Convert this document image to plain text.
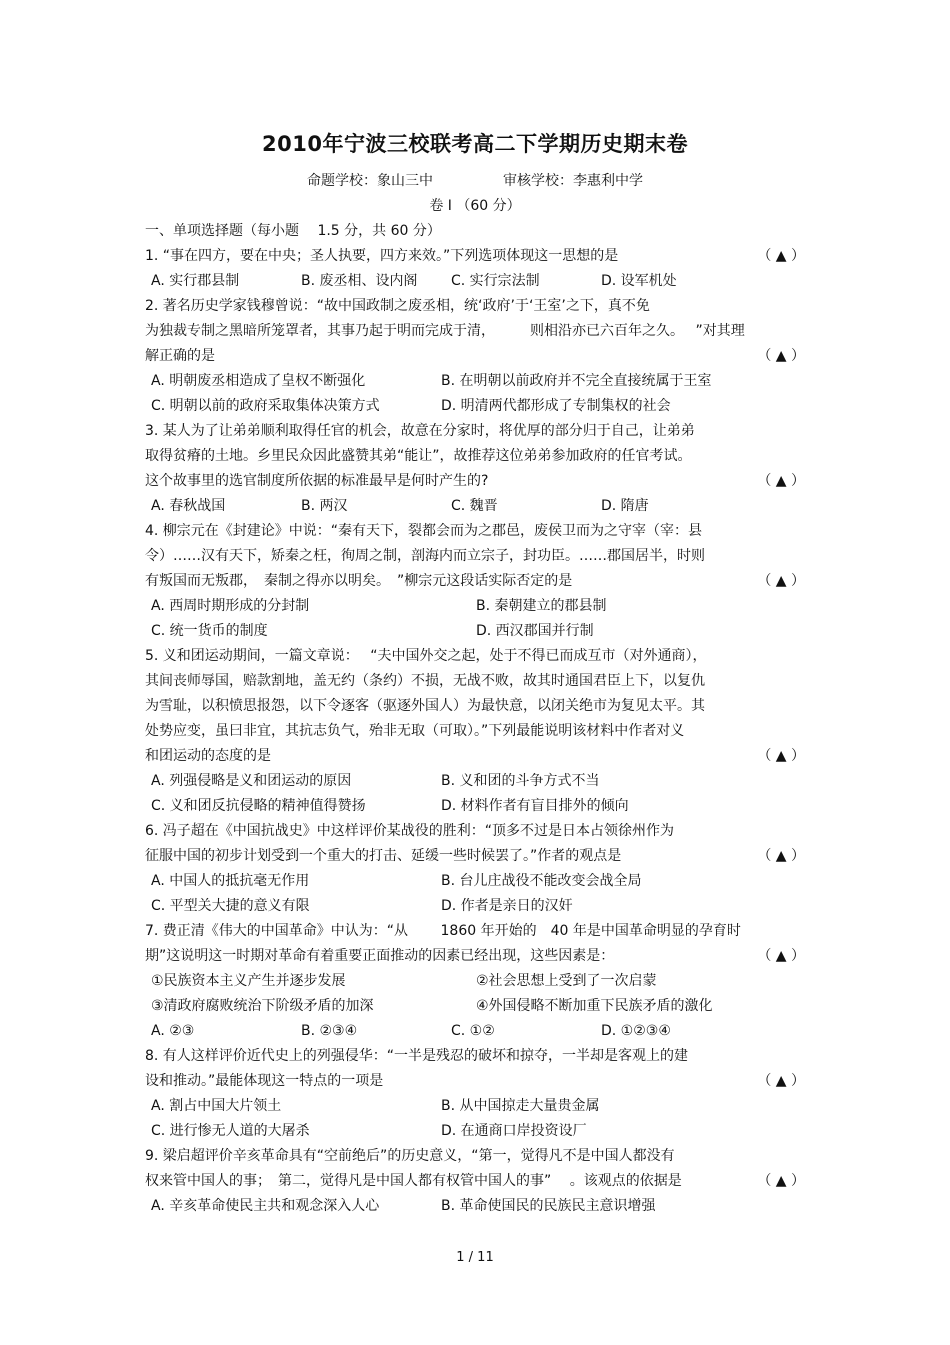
2010年宁波三校联考高二下学期历史期末卷
命题学校：象山三中	审核学校：李惠利中学
卷 I （60 分）
一、单项选择题（每小题　 1.5 分，共 60 分）
1. “事在四方，要在中央；圣人执要，四方来效。”下列选项体现这一思想的是	（ ▲ ）
A. 实行郡县制	B. 废丞相、设内阁	C. 实行宗法制	D. 设军机处
2. 著名历史学家钱穆曾说：“故中国政制之废丞相，统‘政府’于‘王室’之下，真不免
为独裁专制之黑暗所笼罩者，其事乃起于明而完成于清，　　　则相沿亦已六百年之久。　 ”对其理
解正确的是	（ ▲ ）
A. 明朝废丞相造成了皇权不断强化	B. 在明朝以前政府并不完全直接统属于王室
C. 明朝以前的政府采取集体决策方式	D. 明清两代都形成了专制集权的社会
3. 某人为了让弟弟顺利取得任官的机会，故意在分家时，将优厚的部分归于自己，让弟弟
取得贫瘠的土地。乡里民众因此盛赞其弟“能让”，故推荐这位弟弟参加政府的任官考试。
这个故事里的选官制度所依据的标准最早是何时产生的?	（ ▲ ）
A. 春秋战国	B. 两汉	C. 魏晋	D. 隋唐
4. 柳宗元在《封建论》中说：“秦有天下，裂都会而为之郡邑，废侯卫而为之守宰（宰：县
令）……汉有天下，矫秦之枉，徇周之制，剖海内而立宗子，封功臣。……郡国居半，时则
有叛国而无叛郡，　秦制之得亦以明矣。　”柳宗元这段话实际否定的是	（ ▲ ）
A. 西周时期形成的分封制	B. 秦朝建立的郡县制
C. 统一货币的制度	D. 西汉郡国并行制
5. 义和团运动期间，一篇文章说：　 “夫中国外交之起，处于不得已而成互市（对外通商），
其间丧师辱国，赔款割地，盖无约（条约）不损，无战不败，故其时通国君臣上下，以复仇
为雪耻，以积愤思报怨，以下令逐客（驱逐外国人）为最快意，以闭关绝市为复见太平。其
处势应变，虽曰非宜，其抗志负气，殆非无取（可取）。”下列最能说明该材料中作者对义
和团运动的态度的是	（ ▲ ）
A. 列强侵略是义和团运动的原因	B. 义和团的斗争方式不当
C. 义和团反抗侵略的精神值得赞扬	D. 材料作者有盲目排外的倾向
6. 冯子超在《中国抗战史》中这样评价某战役的胜利：“顶多不过是日本占领徐州作为
征服中国的初步计划受到一个重大的打击、延缓一些时候罢了。”作者的观点是	（ ▲ ）
A. 中国人的抵抗毫无作用	B. 台儿庄战役不能改变会战全局
C. 平型关大捷的意义有限	D. 作者是亲日的汉奸
7. 费正清《伟大的中国革命》中认为：“从　　 1860 年开始的　40 年是中国革命明显的孕育时
期”这说明这一时期对革命有着重要正面推动的因素已经出现，这些因素是：	（ ▲ ）
①民族资本主义产生并逐步发展	②社会思想上受到了一次启蒙
③清政府腐败统治下阶级矛盾的加深	④外国侵略不断加重下民族矛盾的激化
A. ②③	B. ②③④	C. ①②	D. ①②③④
8. 有人这样评价近代史上的列强侵华：“一半是残忍的破坏和掠夺，一半却是客观上的建
设和推动。”最能体现这一特点的一项是	（ ▲ ）
A. 割占中国大片领土	B. 从中国掠走大量贵金属
C. 进行惨无人道的大屠杀	D. 在通商口岸投资设厂
9. 梁启超评价辛亥革命具有“空前绝后”的历史意义，“第一，觉得凡不是中国人都没有
权来管中国人的事；　第二，觉得凡是中国人都有权管中国人的事”　 。该观点的依据是	（ ▲ ）
A. 辛亥革命使民主共和观念深入人心	B. 革命使国民的民族民主意识增强
1 / 11
